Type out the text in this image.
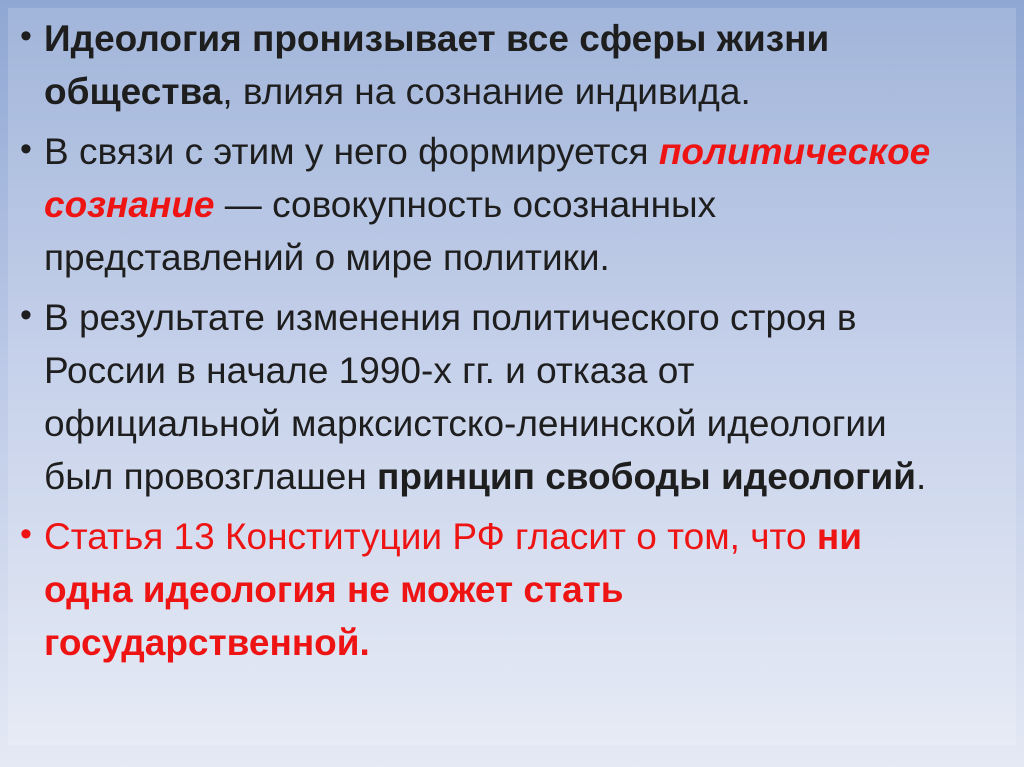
• Идеология пронизывает все сферы жизни общества, влияя на сознание индивида.

• В связи с этим у него формируется политическое сознание — совокупность осознанных представлений о мире политики.

• В результате изменения политического строя в России в начале 1990-х гг. и отказа от официальной марксистско-ленинской идеологии был провозглашен принцип свободы идеологий.

• Статья 13 Конституции РФ гласит о том, что ни одна идеология не может стать государственной.
